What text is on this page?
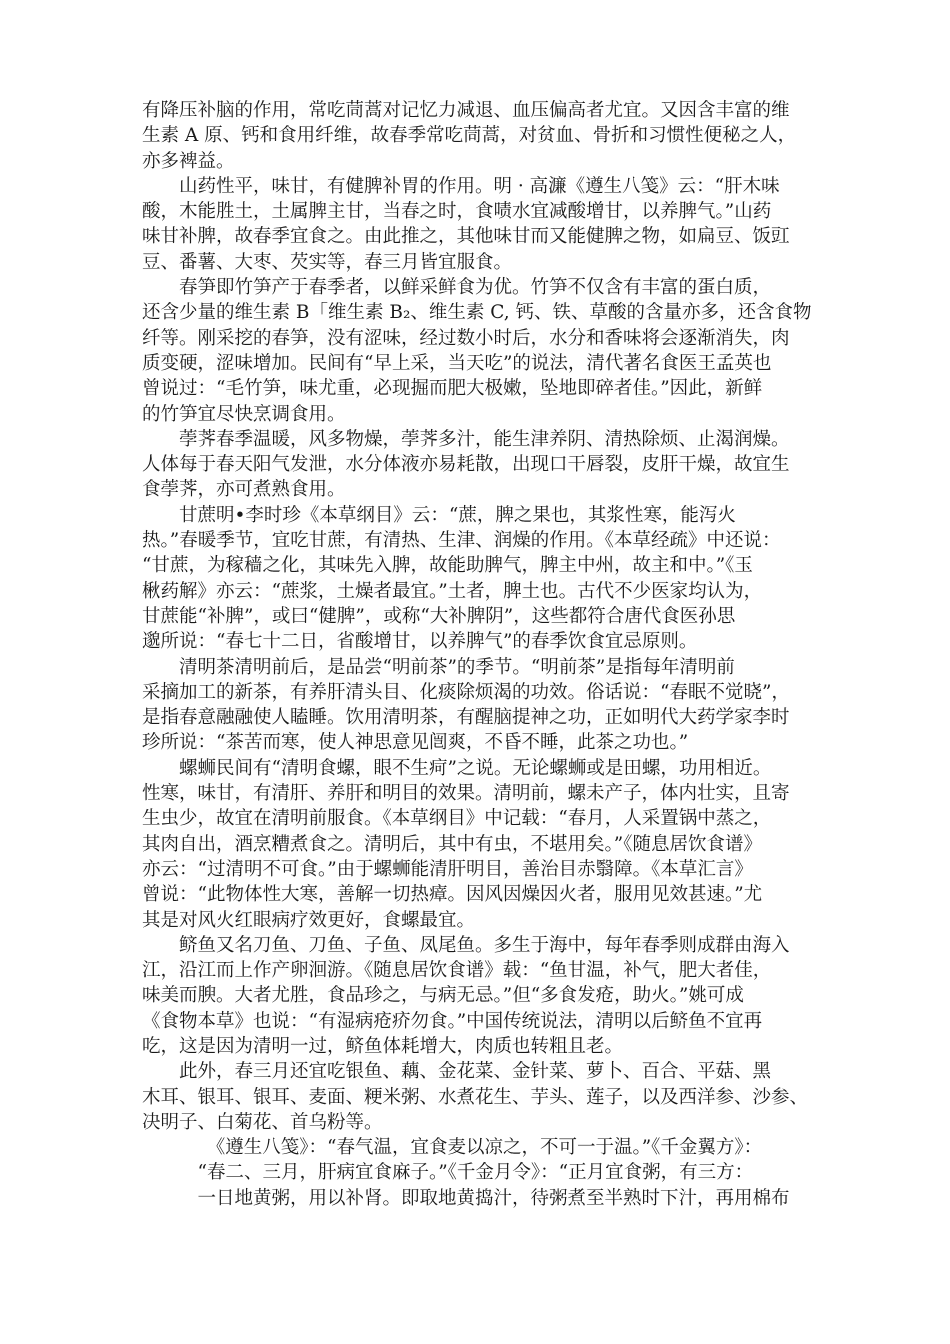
有降压补脑的作用，常吃茼蒿对记忆力减退、血压偏高者尤宜。又因含丰富的维
生素 A 原、钙和食用纤维，故春季常吃茼蒿，对贫血、骨折和习惯性便秘之人，
亦多裨益。

　　山药性平，味甘，有健脾补胃的作用。明 · 高濂《遵生八笺》云：“肝木味
酸，木能胜土，土属脾主甘，当春之时，食啧水宜减酸增甘，以养脾气。”山药
味甘补脾，故春季宜食之。由此推之，其他味甘而又能健脾之物，如扁豆、饭豇
豆、番薯、大枣、芡实等，春三月皆宜服食。

　　春笋即竹笋产于春季者，以鲜采鲜食为优。竹笋不仅含有丰富的蛋白质，
还含少量的维生素 B「维生素 B₂、维生素 C, 钙、铁、草酸的含量亦多，还含食物
纤等。刚采挖的春笋，没有涩味，经过数小时后，水分和香味将会逐渐消失，肉
质变硬，涩味增加。民间有“早上采，当天吃”的说法，清代著名食医王孟英也
曾说过：“毛竹笋，味尤重，必现掘而肥大极嫩，坠地即碎者佳。”因此，新鲜
的竹笋宜尽快烹调食用。

　　荸荠春季温暖，风多物燥，荸荠多汁，能生津养阴、清热除烦、止渴润燥。
人体每于春天阳气发泄，水分体液亦易耗散，出现口干唇裂，皮肝干燥，故宜生
食荸荠，亦可煮熟食用。

　　甘蔗明•李时珍《本草纲目》云：“蔗，脾之果也，其浆性寒，能泻火
热。”春暖季节，宜吃甘蔗，有清热、生津、润燥的作用。《本草经疏》中还说：
“甘蔗，为稼穑之化，其味先入脾，故能助脾气，脾主中州，故主和中。”《玉
楸药解》亦云：“蔗浆，土燥者最宜。”土者，脾土也。古代不少医家均认为，
甘蔗能“补脾”，或曰“健脾”，或称“大补脾阴”，这些都符合唐代食医孙思
邈所说：“春七十二日，省酸增甘，以养脾气”的春季饮食宜忌原则。

　　清明茶清明前后，是品尝“明前茶”的季节。“明前茶”是指每年清明前
采摘加工的新茶，有养肝清头目、化痰除烦渴的功效。俗话说：“春眠不觉晓”，
是指春意融融使人瞌睡。饮用清明茶，有醒脑提神之功，正如明代大药学家李时
珍所说：“茶苦而寒，使人神思意见闿爽，不昏不睡，此茶之功也。”

　　螺蛳民间有“清明食螺，眼不生疴”之说。无论螺蛳或是田螺，功用相近。
性寒，味甘，有清肝、养肝和明目的效果。清明前，螺未产子，体内壮实，且寄
生虫少，故宜在清明前服食。《本草纲目》中记载：“春月，人采置锅中蒸之，
其肉自出，酒烹糟煮食之。清明后，其中有虫，不堪用矣。”《随息居饮食谱》
亦云：“过清明不可食。”由于螺蛳能清肝明目，善治目赤翳障。《本草汇言》
曾说：“此物体性大寒，善解一切热瘴。因风因燥因火者，服用见效甚速。”尤
其是对风火红眼病疗效更好，食螺最宜。

　　鲚鱼又名刀鱼、刀鱼、子鱼、凤尾鱼。多生于海中，每年春季则成群由海入
江，沿江而上作产卵洄游。《随息居饮食谱》载：“鱼甘温，补气，肥大者佳，
味美而腴。大者尤胜，食品珍之，与病无忌。”但“多食发疮，助火。”姚可成
《食物本草》也说：“有湿病疮疥勿食。”中国传统说法，清明以后鲚鱼不宜再
吃，这是因为清明一过，鲚鱼体耗增大，肉质也转粗且老。

　　此外，春三月还宜吃银鱼、藕、金花菜、金针菜、萝卜、百合、平菇、黑
木耳、银耳、银耳、麦面、粳米粥、水煮花生、芋头、莲子，以及西洋参、沙参、
决明子、白菊花、首乌粉等。

　　　　《遵生八笺》：“春气温，宜食麦以凉之，不可一于温。”《千金翼方》：
　　　“春二、三月，肝病宜食麻子。”《千金月令》：“正月宜食粥，有三方：
　　　一日地黄粥，用以补肾。即取地黄捣汁，待粥煮至半熟时下汁，再用棉布
